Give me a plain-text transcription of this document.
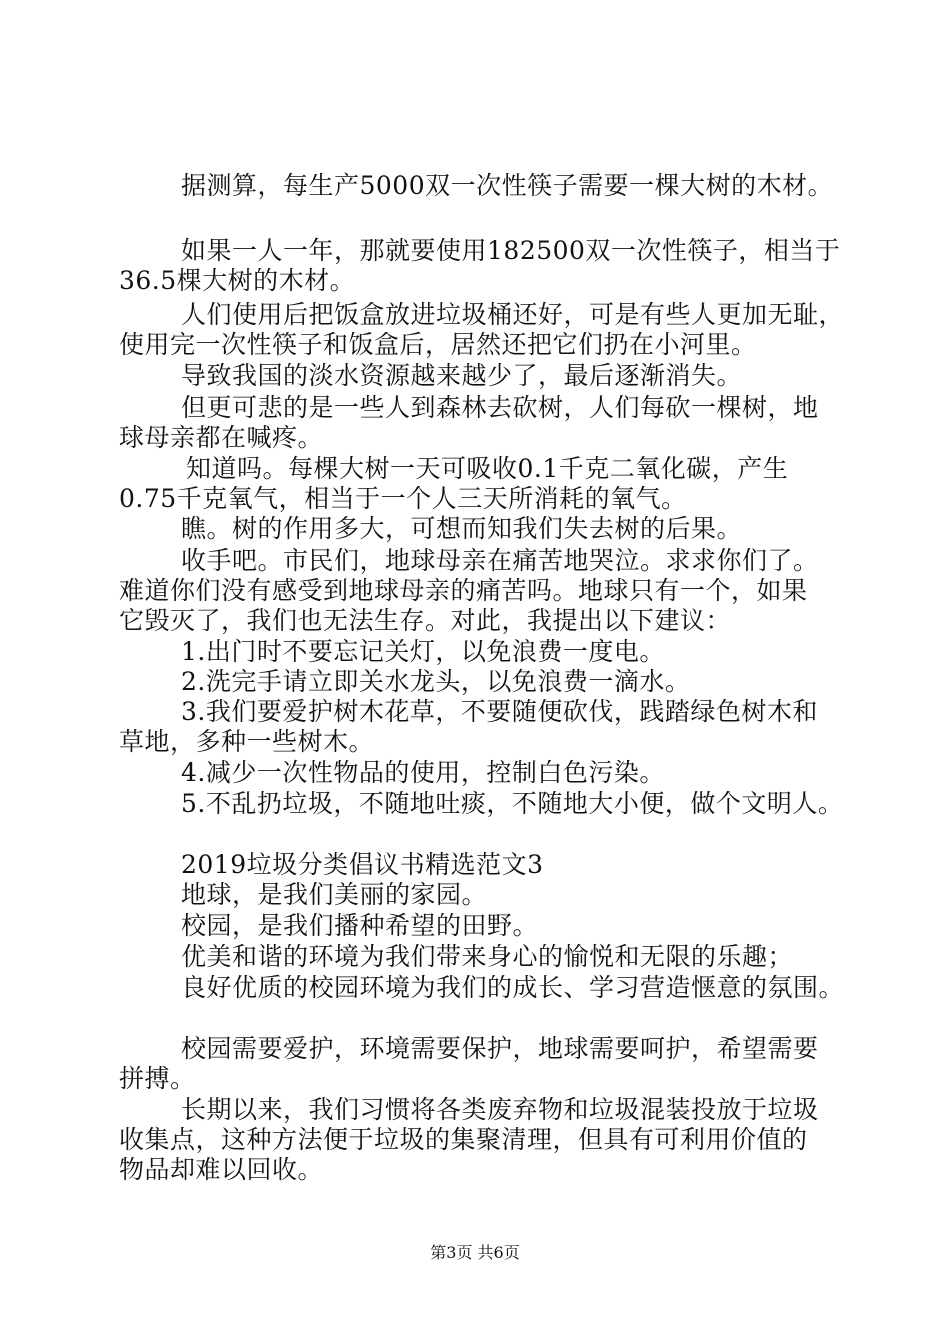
据测算，每生产5000双一次性筷子需要一棵大树的木材。
如果一人一年，那就要使用182500双一次性筷子，相当于
36.5棵大树的木材。
人们使用后把饭盒放进垃圾桶还好，可是有些人更加无耻，
使用完一次性筷子和饭盒后，居然还把它们扔在小河里。
导致我国的淡水资源越来越少了，最后逐渐消失。
但更可悲的是一些人到森林去砍树，人们每砍一棵树，地
球母亲都在喊疼。
知道吗。每棵大树一天可吸收0.1千克二氧化碳，产生
0.75千克氧气，相当于一个人三天所消耗的氧气。
瞧。树的作用多大，可想而知我们失去树的后果。
收手吧。市民们，地球母亲在痛苦地哭泣。求求你们了。
难道你们没有感受到地球母亲的痛苦吗。地球只有一个，如果
它毁灭了，我们也无法生存。对此，我提出以下建议：
1.出门时不要忘记关灯，以免浪费一度电。
2.洗完手请立即关水龙头，以免浪费一滴水。
3.我们要爱护树木花草，不要随便砍伐，践踏绿色树木和
草地，多种一些树木。
4.减少一次性物品的使用，控制白色污染。
5.不乱扔垃圾，不随地吐痰，不随地大小便，做个文明人。
2019垃圾分类倡议书精选范文3
地球，是我们美丽的家园。
校园，是我们播种希望的田野。
优美和谐的环境为我们带来身心的愉悦和无限的乐趣；
良好优质的校园环境为我们的成长、学习营造惬意的氛围。
校园需要爱护，环境需要保护，地球需要呵护，希望需要
拼搏。
长期以来，我们习惯将各类废弃物和垃圾混装投放于垃圾
收集点，这种方法便于垃圾的集聚清理，但具有可利用价值的
物品却难以回收。
第3页 共6页
